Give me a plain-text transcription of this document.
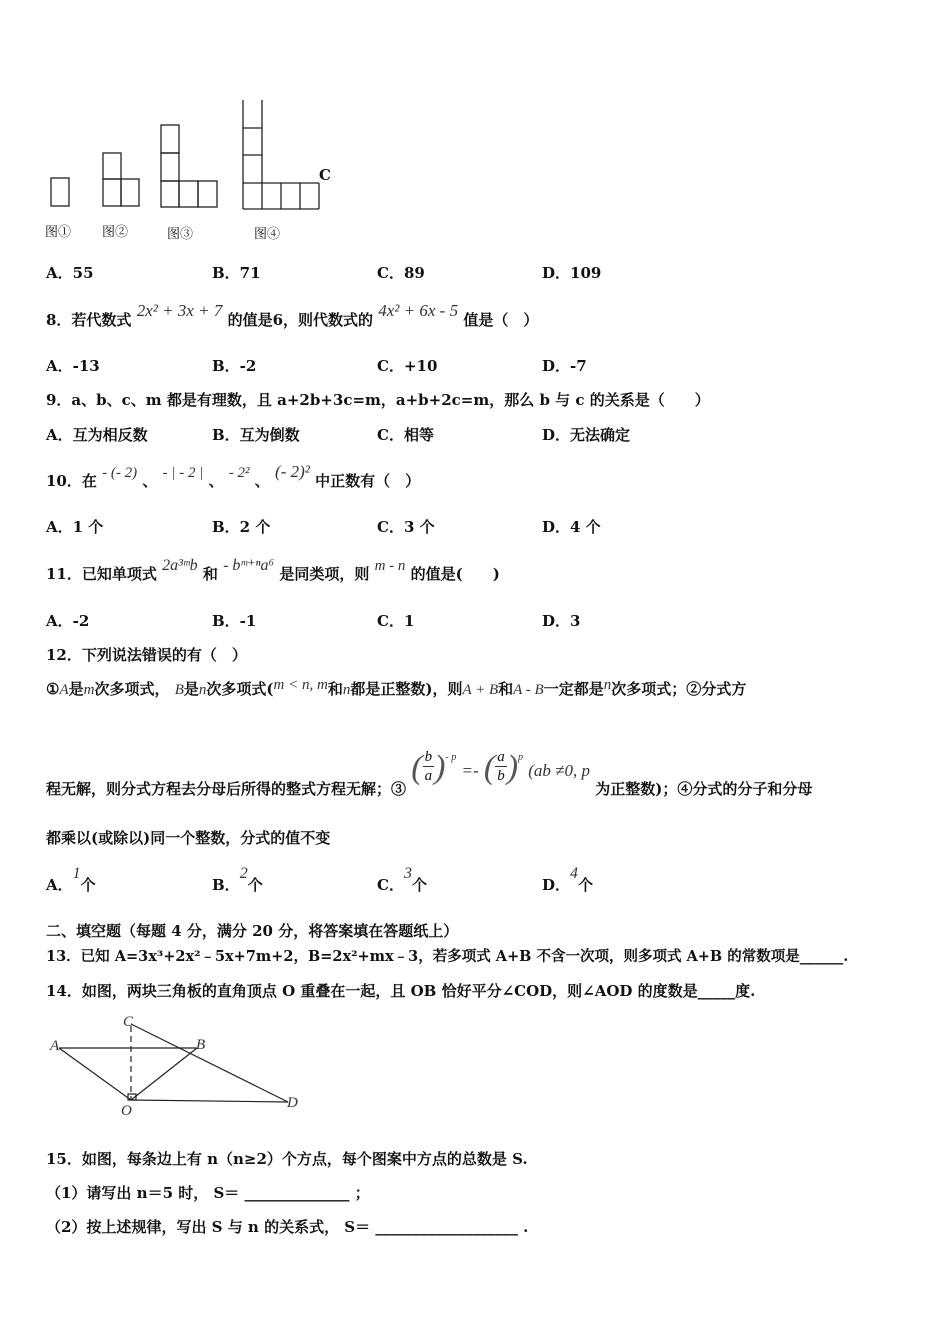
C
图① 图②	图③	图④
A．55	B．71	C．89	D．109
8．若代数式 2x² + 3x + 7 的值是6，则代数式的 4x² + 6x - 5 值是（　）
A．-13	B．-2	C．+10	D．-7
9．a、b、c、m 都是有理数，且 a+2b+3c=m，a+b+2c=m，那么 b 与 c 的关系是（　　）
A．互为相反数	B．互为倒数	C．相等	D．无法确定
10．在 - (- 2) 、 - | - 2 | 、 - 2² 、 (- 2)² 中正数有（　）
A．1 个	B．2 个	C．3 个	D．4 个
11．已知单项式 2a³ᵐb 和 - bᵐ⁺ⁿa⁶ 是同类项，则 m - n 的值是(　　)
A．-2	B．-1	C．1	D．3
12．下列说法错误的有（　）
①A是m次多项式， B是n次多项式(m < n, m和n都是正整数)，则A + B和A - B一定都是n次多项式；②分式方
程无解，则分式方程去分母后所得的整式方程无解；③ ( $\frac{b}{a} )^{- p}$ =- ( $\frac{a}{b} )^p$ (ab ≠0, p 为正整数)；④分式的分子和分母
都乘以(或除以)同一个整数，分式的值不变
A．1个	B．2个	C．3个	D．4个
二、填空题（每题 4 分，满分 20 分，将答案填在答题纸上）
13．已知 A=3x³+2x²﹣5x+7m+2，B=2x²+mx﹣3，若多项式 A+B 不含一次项，则多项式 A+B 的常数项是______.
14．如图，两块三角板的直角顶点 O 重叠在一起，且 OB 恰好平分∠COD，则∠AOD 的度数是_____度.
C
A	B
O	D
15．如图，每条边上有 n（n≥2）个方点，每个图案中方点的总数是 S.
（1）请写出 n＝5 时， S＝ ______________ ；
（2）按上述规律，写出 S 与 n 的关系式， S＝ ___________________ .
